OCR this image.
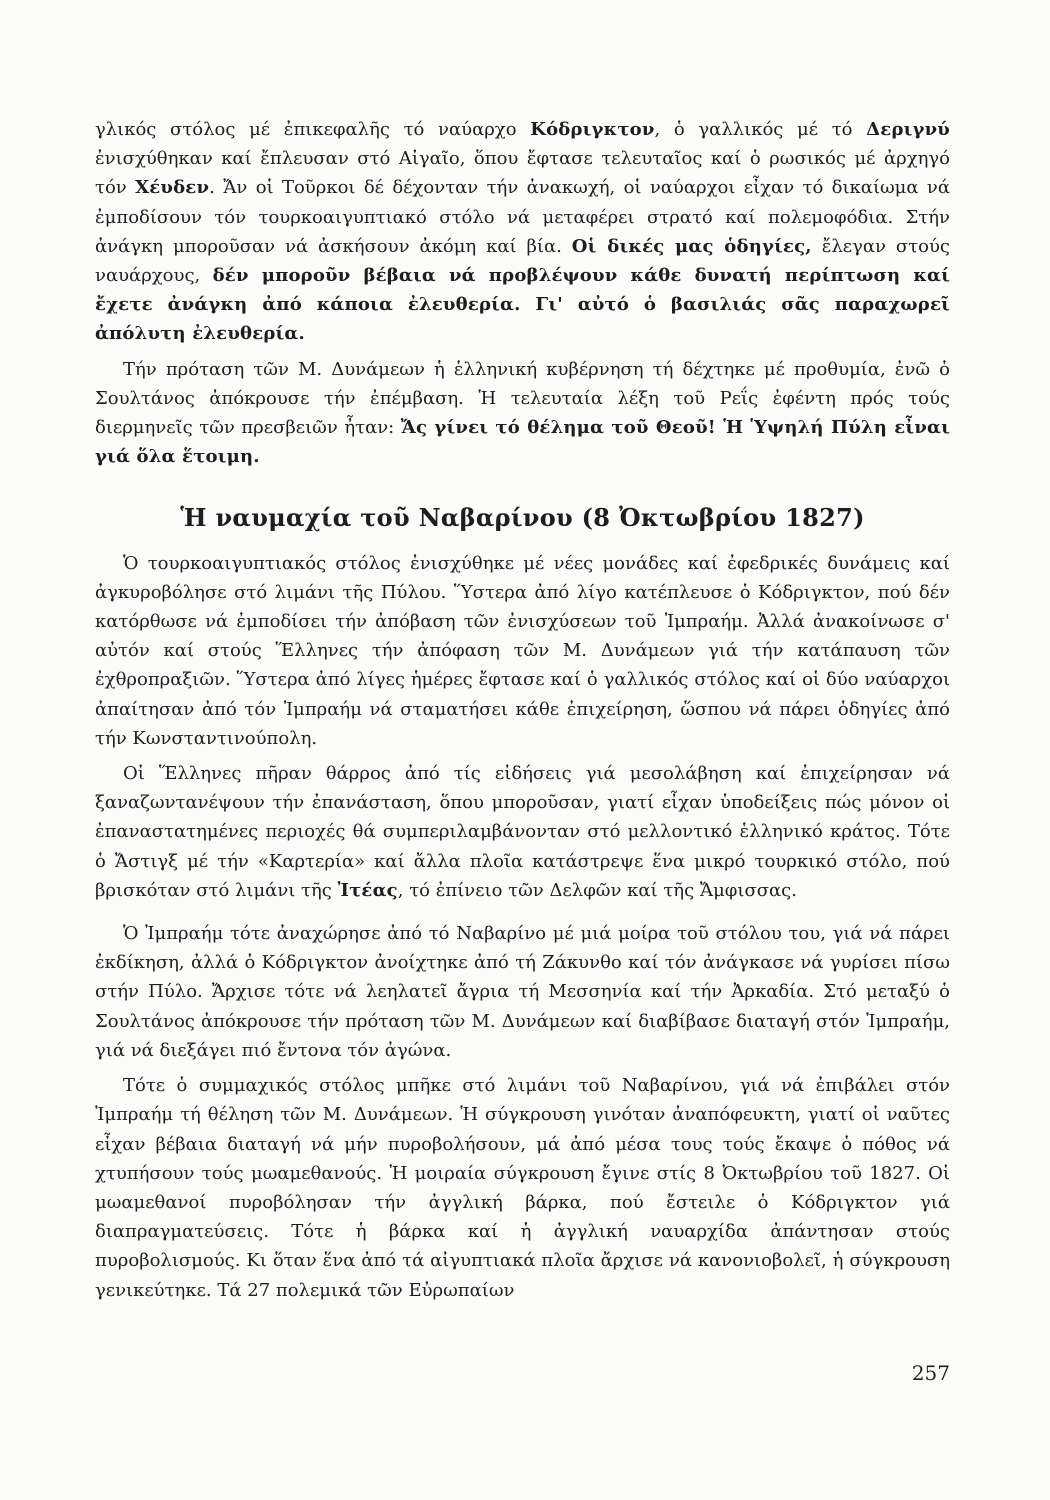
γλικός στόλος μέ ἐπικεφαλῆς τό ναύαρχο Κόδριγκτον, ὁ γαλλικός μέ τό Δεριγνύ ἐνισχύθηκαν καί ἔπλευσαν στό Αἰγαῖο, ὅπου ἔφτασε τελευταῖος καί ὁ ρωσικός μέ ἀρχηγό τόν Χέυδεν. Ἄν οἱ Τοῦρκοι δέ δέχονταν τήν ἀνακωχή, οἱ ναύαρχοι εἶχαν τό δικαίωμα νά ἐμποδίσουν τόν τουρκοαιγυπτιακό στόλο νά μεταφέρει στρατό καί πολεμοφόδια. Στήν ἀνάγκη μποροῦσαν νά ἀσκήσουν ἀκόμη καί βία. Οἱ δικές μας ὁδηγίες, ἔλεγαν στούς ναυάρχους, δέν μποροῦν βέβαια νά προβλέψουν κάθε δυνατή περίπτωση καί ἔχετε ἀνάγκη ἀπό κάποια ἐλευθερία. Γι' αὐτό ὁ βασιλιάς σᾶς παραχωρεῖ ἀπόλυτη ἐλευθερία.

Τήν πρόταση τῶν Μ. Δυνάμεων ἡ ἑλληνική κυβέρνηση τή δέχτηκε μέ προθυμία, ἐνῶ ὁ Σουλτάνος ἀπόκρουσε τήν ἐπέμβαση. Ἡ τελευταία λέξη τοῦ Ρεΐς ἐφέντη πρός τούς διερμηνεῖς τῶν πρεσβειῶν ἦταν: Ἄς γίνει τό θέλημα τοῦ Θεοῦ! Ἡ Ὑψηλή Πύλη εἶναι γιά ὅλα ἕτοιμη.

Ἡ ναυμαχία τοῦ Ναβαρίνου (8 Ὀκτωβρίου 1827)

Ὁ τουρκοαιγυπτιακός στόλος ἐνισχύθηκε μέ νέες μονάδες καί ἐφεδρικές δυνάμεις καί ἀγκυροβόλησε στό λιμάνι τῆς Πύλου. Ὕστερα ἀπό λίγο κατέπλευσε ὁ Κόδριγκτον, πού δέν κατόρθωσε νά ἐμποδίσει τήν ἀπόβαση τῶν ἐνισχύσεων τοῦ Ἰμπραήμ. Ἀλλά ἀνακοίνωσε σ' αὐτόν καί στούς Ἕλληνες τήν ἀπόφαση τῶν Μ. Δυνάμεων γιά τήν κατάπαυση τῶν ἐχθροπραξιῶν. Ὕστερα ἀπό λίγες ἡμέρες ἔφτασε καί ὁ γαλλικός στόλος καί οἱ δύο ναύαρχοι ἀπαίτησαν ἀπό τόν Ἰμπραήμ νά σταματήσει κάθε ἐπιχείρηση, ὥσπου νά πάρει ὁδηγίες ἀπό τήν Κωνσταντινούπολη.

Οἱ Ἕλληνες πῆραν θάρρος ἀπό τίς εἰδήσεις γιά μεσολάβηση καί ἐπιχείρησαν νά ξαναζωντανέψουν τήν ἐπανάσταση, ὅπου μποροῦσαν, γιατί εἶχαν ὑποδείξεις πώς μόνον οἱ ἐπαναστατημένες περιοχές θά συμπεριλαμβάνονταν στό μελλοντικό ἑλληνικό κράτος. Τότε ὁ Ἄστιγξ μέ τήν «Καρτερία» καί ἄλλα πλοῖα κατάστρεψε ἕνα μικρό τουρκικό στόλο, πού βρισκόταν στό λιμάνι τῆς Ἰτέας, τό ἐπίνειο τῶν Δελφῶν καί τῆς Ἄμφισσας.

Ὁ Ἰμπραήμ τότε ἀναχώρησε ἀπό τό Ναβαρίνο μέ μιά μοίρα τοῦ στόλου του, γιά νά πάρει ἐκδίκηση, ἀλλά ὁ Κόδριγκτον ἀνοίχτηκε ἀπό τή Ζάκυνθο καί τόν ἀνάγκασε νά γυρίσει πίσω στήν Πύλο. Ἄρχισε τότε νά λεηλατεῖ ἄγρια τή Μεσσηνία καί τήν Ἀρκαδία. Στό μεταξύ ὁ Σουλτάνος ἀπόκρουσε τήν πρόταση τῶν Μ. Δυνάμεων καί διαβίβασε διαταγή στόν Ἰμπραήμ, γιά νά διεξάγει πιό ἔντονα τόν ἀγώνα.

Τότε ὁ συμμαχικός στόλος μπῆκε στό λιμάνι τοῦ Ναβαρίνου, γιά νά ἐπιβάλει στόν Ἰμπραήμ τή θέληση τῶν Μ. Δυνάμεων. Ἡ σύγκρουση γινόταν ἀναπόφευκτη, γιατί οἱ ναῦτες εἶχαν βέβαια διαταγή νά μήν πυροβολήσουν, μά ἀπό μέσα τους τούς ἔκαψε ὁ πόθος νά χτυπήσουν τούς μωαμεθανούς. Ἡ μοιραία σύγκρουση ἔγινε στίς 8 Ὀκτωβρίου τοῦ 1827. Οἱ μωαμεθανοί πυροβόλησαν τήν ἀγγλική βάρκα, πού ἔστειλε ὁ Κόδριγκτον γιά διαπραγματεύσεις. Τότε ἡ βάρκα καί ἡ ἀγγλική ναυαρχίδα ἀπάντησαν στούς πυροβολισμούς. Κι ὅταν ἕνα ἀπό τά αἰγυπτιακά πλοῖα ἄρχισε νά κανονιοβολεῖ, ἡ σύγκρουση γενικεύτηκε. Τά 27 πολεμικά τῶν Εὐρωπαίων

257
